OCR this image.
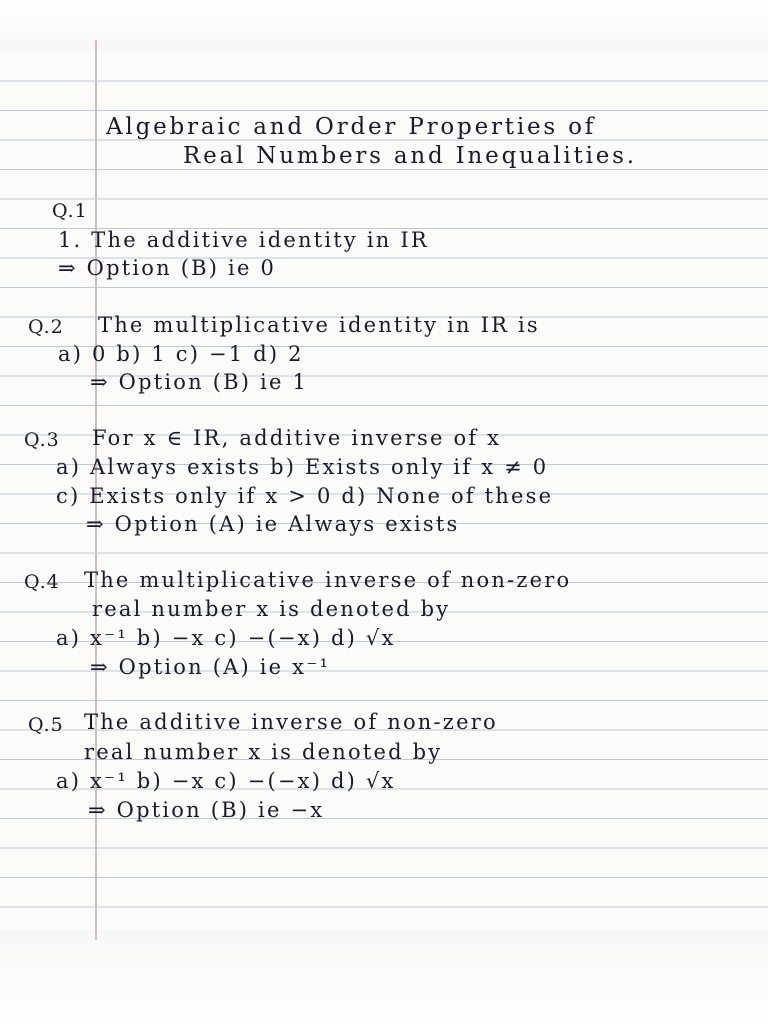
Algebraic and Order Properties of
Real Numbers and Inequalities.
Q.1
1. The additive identity in IR
⇒ Option (B) ie 0
Q.2 The multiplicative identity in IR is
a) 0 b) 1 c) −1 d) 2
⇒ Option (B) ie 1
Q.3 For x ∈ IR, additive inverse of x
a) Always exists b) Exists only if x ≠ 0
c) Exists only if x > 0 d) None of these
⇒ Option (A) ie Always exists
Q.4 The multiplicative inverse of non-zero
real number x is denoted by
a) x⁻¹ b) −x c) −(−x) d) √x
⇒ Option (A) ie x⁻¹
Q.5 The additive inverse of non-zero
real number x is denoted by
a) x⁻¹ b) −x c) −(−x) d) √x
⇒ Option (B) ie −x
